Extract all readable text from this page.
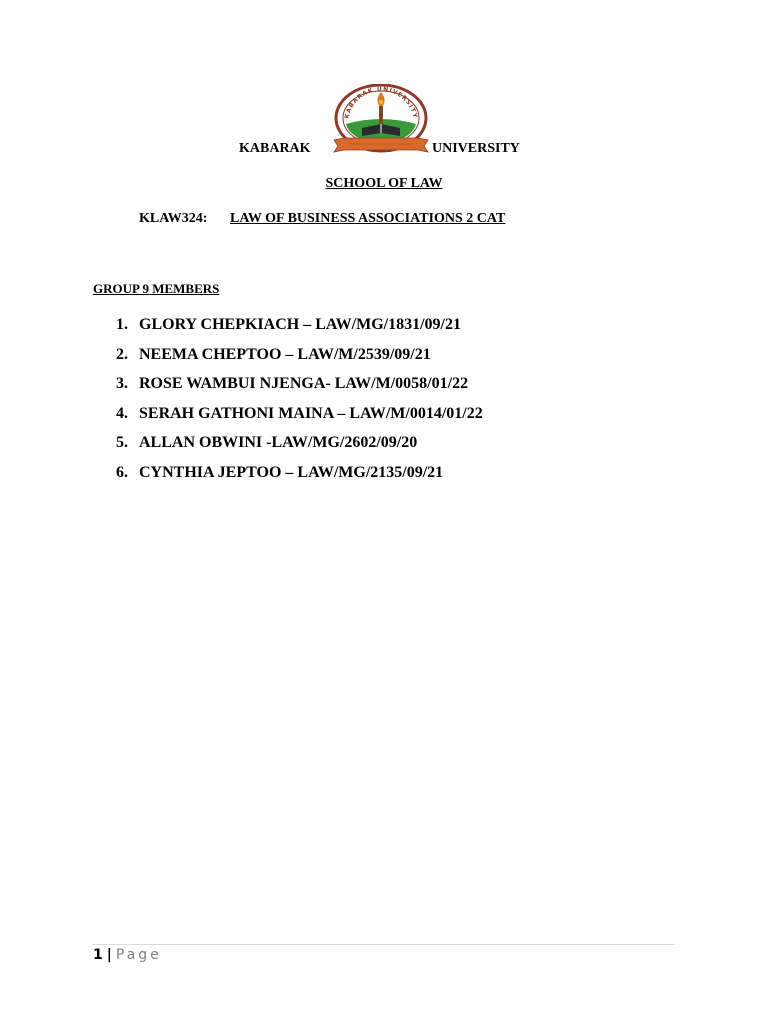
KABARAK
KABARAK UNIVERSITY
UNIVERSITY
SCHOOL OF LAW
KLAW324: LAW OF BUSINESS ASSOCIATIONS 2 CAT
GROUP 9 MEMBERS
1. GLORY CHEPKIACH – LAW/MG/1831/09/21
2. NEEMA CHEPTOO – LAW/M/2539/09/21
3. ROSE WAMBUI NJENGA- LAW/M/0058/01/22
4. SERAH GATHONI MAINA – LAW/M/0014/01/22
5. ALLAN OBWINI -LAW/MG/2602/09/20
6. CYNTHIA JEPTOO – LAW/MG/2135/09/21
1 | Page
